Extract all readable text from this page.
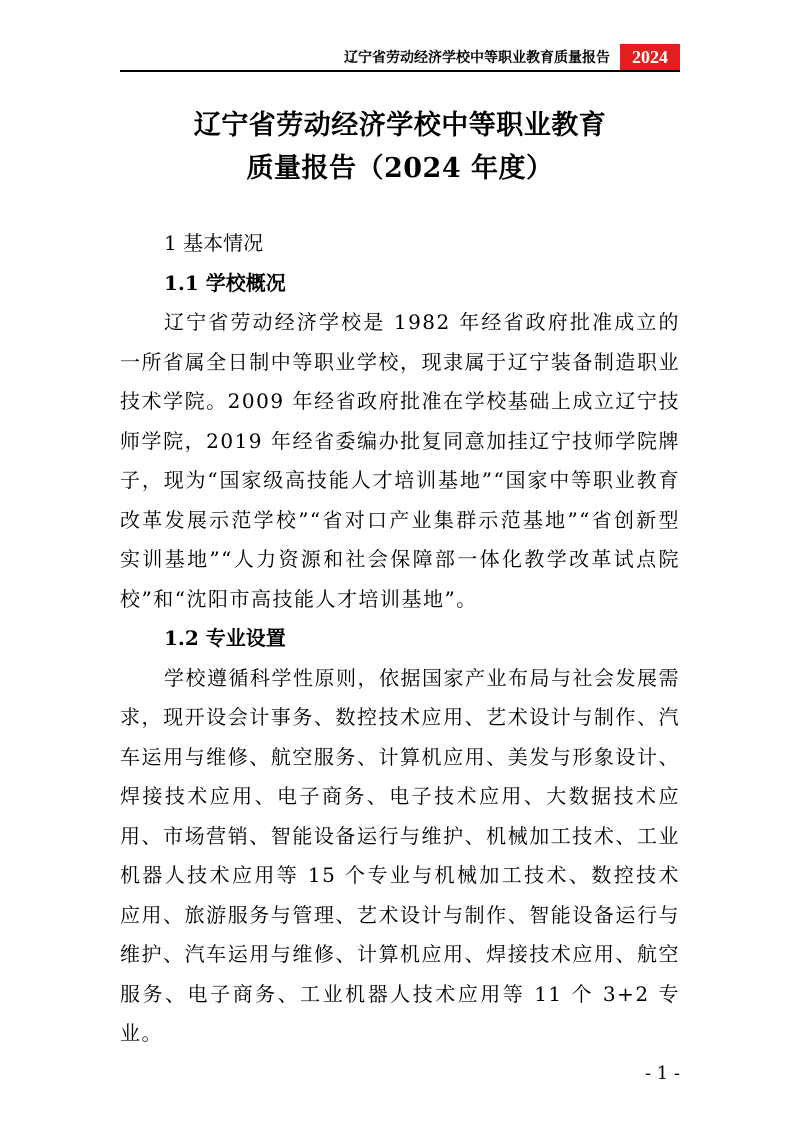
辽宁省劳动经济学校中等职业教育质量报告	2024
辽宁省劳动经济学校中等职业教育
质量报告（2024 年度）
1 基本情况
1.1 学校概况
辽宁省劳动经济学校是 1982 年经省政府批准成立的一所省属全日制中等职业学校，现隶属于辽宁装备制造职业技术学院。2009 年经省政府批准在学校基础上成立辽宁技师学院，2019 年经省委编办批复同意加挂辽宁技师学院牌子，现为“国家级高技能人才培训基地”“国家中等职业教育改革发展示范学校”“省对口产业集群示范基地”“省创新型实训基地”“人力资源和社会保障部一体化教学改革试点院校”和“沈阳市高技能人才培训基地”。
1.2 专业设置
学校遵循科学性原则，依据国家产业布局与社会发展需求，现开设会计事务、数控技术应用、艺术设计与制作、汽车运用与维修、航空服务、计算机应用、美发与形象设计、焊接技术应用、电子商务、电子技术应用、大数据技术应用、市场营销、智能设备运行与维护、机械加工技术、工业机器人技术应用等 15 个专业与机械加工技术、数控技术应用、旅游服务与管理、艺术设计与制作、智能设备运行与维护、汽车运用与维修、计算机应用、焊接技术应用、航空服务、电子商务、工业机器人技术应用等 11 个 3+2 专业。
- 1 -
